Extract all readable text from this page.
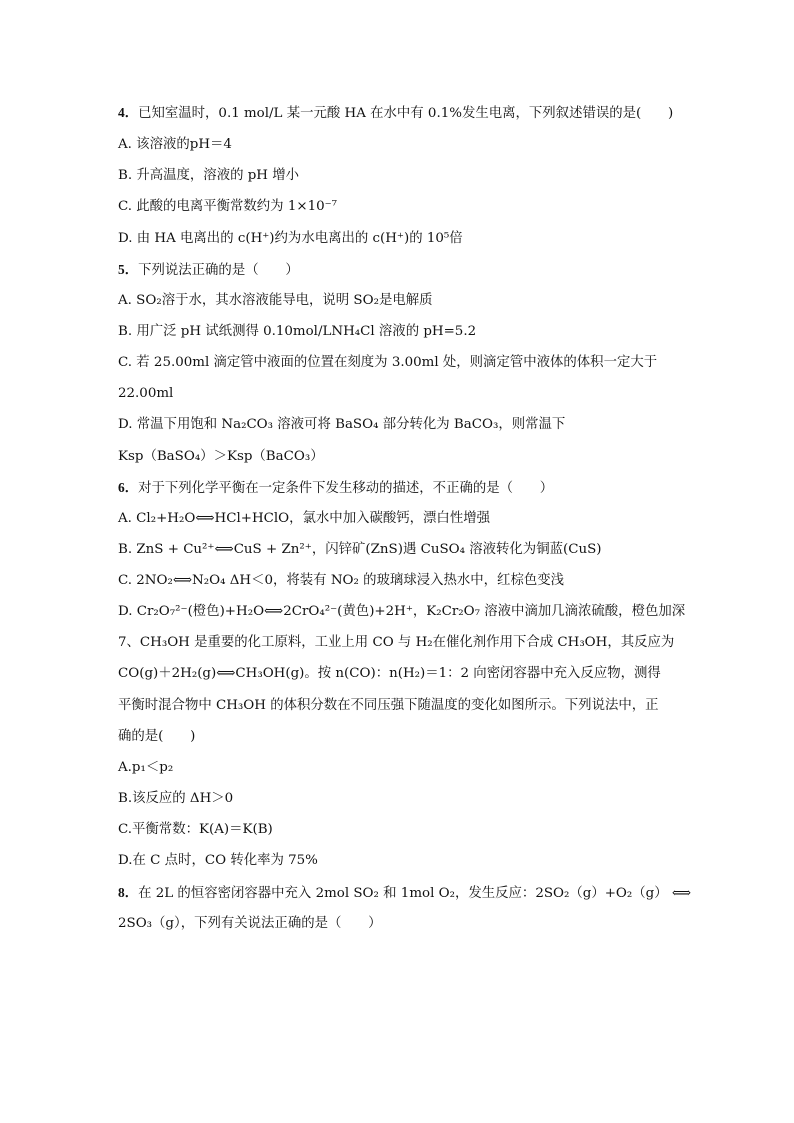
4．已知室温时，0.1 mol/L 某一元酸 HA 在水中有 0.1%发生电离，下列叙述错误的是(　　)
A. 该溶液的pH＝4
B. 升高温度，溶液的 pH 增小
C. 此酸的电离平衡常数约为 1×10⁻⁷
D. 由 HA 电离出的 c(H⁺)约为水电离出的 c(H⁺)的 10⁵倍
5．下列说法正确的是（　　）
A. SO₂溶于水，其水溶液能导电，说明 SO₂是电解质
B. 用广泛 pH 试纸测得 0.10mol/LNH₄Cl 溶液的 pH=5.2
C. 若 25.00ml 滴定管中液面的位置在刻度为 3.00ml 处，则滴定管中液体的体积一定大于
22.00ml
D. 常温下用饱和 Na₂CO₃ 溶液可将 BaSO₄ 部分转化为 BaCO₃，则常温下
Ksp（BaSO₄）＞Ksp（BaCO₃）
6．对于下列化学平衡在一定条件下发生移动的描述，不正确的是（　　）
A. Cl₂+H₂O⟺HCl+HClO，氯水中加入碳酸钙，漂白性增强
B. ZnS + Cu²⁺⟺CuS + Zn²⁺，闪锌矿(ZnS)遇 CuSO₄ 溶液转化为铜蓝(CuS)
C. 2NO₂⟺N₂O₄ ΔH＜0，将装有 NO₂ 的玻璃球浸入热水中，红棕色变浅
D. Cr₂O₇²⁻(橙色)+H₂O⟺2CrO₄²⁻(黄色)+2H⁺，K₂Cr₂O₇ 溶液中滴加几滴浓硫酸，橙色加深
7、CH₃OH 是重要的化工原料，工业上用 CO 与 H₂在催化剂作用下合成 CH₃OH，其反应为
CO(g)＋2H₂(g)⟺CH₃OH(g)。按 n(CO)：n(H₂)＝1：2 向密闭容器中充入反应物，测得
平衡时混合物中 CH₃OH 的体积分数在不同压强下随温度的变化如图所示。下列说法中，正
确的是(　　)
A.p₁＜p₂
B.该反应的 ΔH＞0
C.平衡常数：K(A)＝K(B)
D.在 C 点时，CO 转化率为 75%
8．在 2L 的恒容密闭容器中充入 2mol SO₂ 和 1mol O₂，发生反应：2SO₂（g）+O₂（g） ⟺
2SO₃（g），下列有关说法正确的是（　　）
